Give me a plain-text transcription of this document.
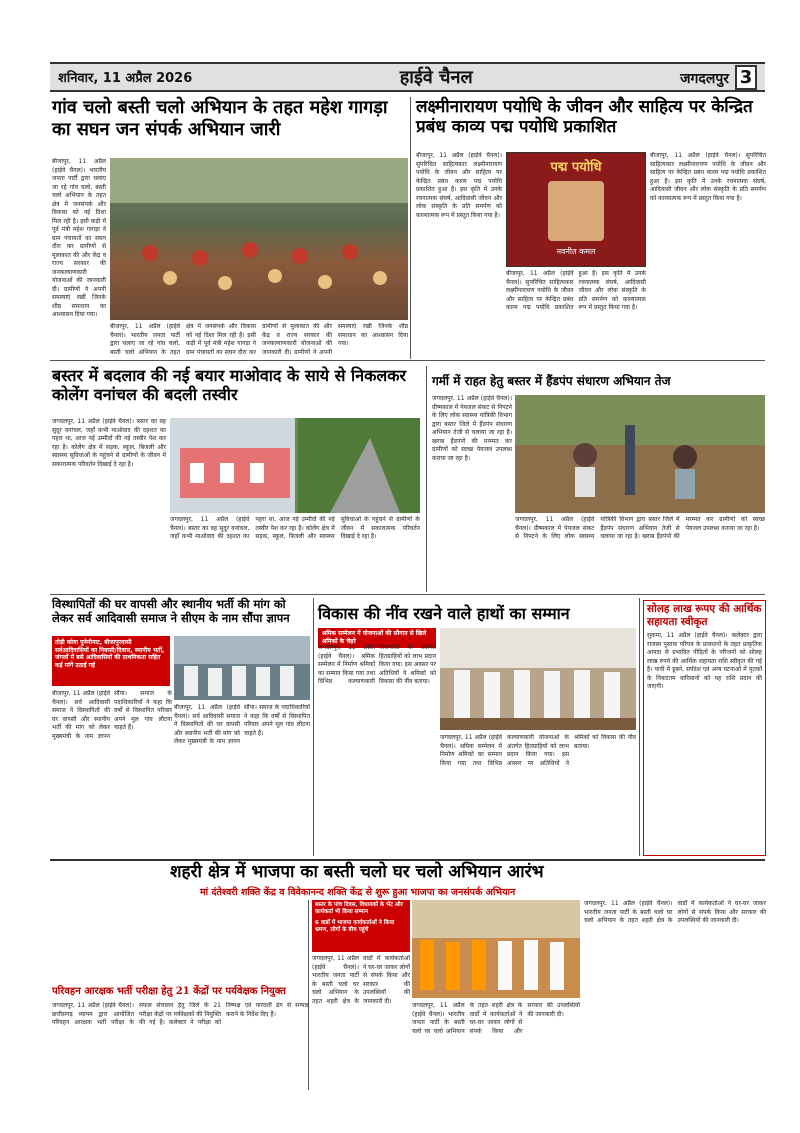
शनिवार, 11 अप्रैल 2026	हाईवे चैनल	जगदलपुर 3
गांव चलो बस्ती चलो अभियान के तहत महेश गागड़ा का सघन जन संपर्क अभियान जारी
बीजापुर, 11 अप्रैल (हाईवे चैनल)। भारतीय जनता पार्टी द्वारा चलाए जा रहे गांव चलो, बस्ती चलो अभियान के तहत क्षेत्र में जनसंपर्क और विकास को नई दिशा मिल रही है। इसी कड़ी में पूर्व मंत्री महेश गागड़ा ने ग्राम पंचायतों का सघन दौरा कर ग्रामीणों से मुलाकात की और केंद्र व राज्य सरकार की जनकल्याणकारी योजनाओं की जानकारी दी। ग्रामीणों ने अपनी समस्याएं रखीं जिनके शीघ्र समाधान का आश्वासन दिया गया।
बीजापुर, 11 अप्रैल (हाईवे चैनल)। भारतीय जनता पार्टी द्वारा चलाए जा रहे गांव चलो, बस्ती चलो अभियान के तहत क्षेत्र में जनसंपर्क और विकास को नई दिशा मिल रही है। इसी कड़ी में पूर्व मंत्री महेश गागड़ा ने ग्राम पंचायतों का सघन दौरा कर ग्रामीणों से मुलाकात की और केंद्र व राज्य सरकार की जनकल्याणकारी योजनाओं की जानकारी दी। ग्रामीणों ने अपनी समस्याएं रखीं जिनके शीघ्र समाधान का आश्वासन दिया गया।
लक्ष्मीनारायण पयोधि के जीवन और साहित्य पर केन्द्रित प्रबंध काव्य पद्म पयोधि प्रकाशित
पद्म पयोधि
नवनीत कमल
बीजापुर, 11 अप्रैल (हाईवे चैनल)। सुपरिचित साहित्यकार लक्ष्मीनारायण पयोधि के जीवन और साहित्य पर केन्द्रित प्रबंध काव्य पद्म पयोधि प्रकाशित हुआ है। इस कृति में उनके रचनात्मक संघर्ष, आदिवासी जीवन और लोक संस्कृति के प्रति समर्पण को काव्यात्मक रूप में प्रस्तुत किया गया है।
बीजापुर, 11 अप्रैल (हाईवे चैनल)। सुपरिचित साहित्यकार लक्ष्मीनारायण पयोधि के जीवन और साहित्य पर केन्द्रित प्रबंध काव्य पद्म पयोधि प्रकाशित हुआ है। इस कृति में उनके रचनात्मक संघर्ष, आदिवासी जीवन और लोक संस्कृति के प्रति समर्पण को काव्यात्मक रूप में प्रस्तुत किया गया है।
बीजापुर, 11 अप्रैल (हाईवे चैनल)। सुपरिचित साहित्यकार लक्ष्मीनारायण पयोधि के जीवन और साहित्य पर केन्द्रित प्रबंध काव्य पद्म पयोधि प्रकाशित हुआ है। इस कृति में उनके रचनात्मक संघर्ष, आदिवासी जीवन और लोक संस्कृति के प्रति समर्पण को काव्यात्मक रूप में प्रस्तुत किया गया है।
बस्तर में बदलाव की नई बयार माओवाद के साये से निकलकर कोलेंग वनांचल की बदली तस्वीर
जगदलपुर, 11 अप्रैल (हाईवे चैनल)। बस्तर का वह सुदूर वनांचल, जहाँ कभी माओवाद की दहशत का पहरा था, आज नई उम्मीदों की नई तस्वीर पेश कर रहा है। कोलेंग क्षेत्र में सड़क, स्कूल, बिजली और स्वास्थ्य सुविधाओं के पहुंचने से ग्रामीणों के जीवन में सकारात्मक परिवर्तन दिखाई दे रहा है।
जगदलपुर, 11 अप्रैल (हाईवे चैनल)। बस्तर का वह सुदूर वनांचल, जहाँ कभी माओवाद की दहशत का पहरा था, आज नई उम्मीदों की नई तस्वीर पेश कर रहा है। कोलेंग क्षेत्र में सड़क, स्कूल, बिजली और स्वास्थ्य सुविधाओं के पहुंचने से ग्रामीणों के जीवन में सकारात्मक परिवर्तन दिखाई दे रहा है।
गर्मी में राहत हेतु बस्तर में हैंडपंप संधारण अभियान तेज
जगदलपुर, 11 अप्रैल (हाईवे चैनल)। ग्रीष्मकाल में पेयजल संकट से निपटने के लिए लोक स्वास्थ्य यांत्रिकी विभाग द्वारा बस्तर जिले में हैंडपंप संधारण अभियान तेजी से चलाया जा रहा है। खराब हैंडपंपों की मरम्मत कर ग्रामीणों को स्वच्छ पेयजल उपलब्ध कराया जा रहा है।
जगदलपुर, 11 अप्रैल (हाईवे चैनल)। ग्रीष्मकाल में पेयजल संकट से निपटने के लिए लोक स्वास्थ्य यांत्रिकी विभाग द्वारा बस्तर जिले में हैंडपंप संधारण अभियान तेजी से चलाया जा रहा है। खराब हैंडपंपों की मरम्मत कर ग्रामीणों को स्वच्छ पेयजल उपलब्ध कराया जा रहा है।
विस्थापितों की घर वापसी और स्थानीय भर्ती की मांग को लेकर सर्व आदिवासी समाज ने सीएम के नाम सौंपा ज्ञापन
तोड़ी कोया पुनेमीनाट, बीजापुरवासी सर्वआदिवासियों का निवासी/दिवास, स्थानीय भर्ती, जंगलों में बसे आदिवासियों की प्राथमिकता सहित कई मांगें उठाई गई
बीजापुर, 11 अप्रैल (हाईवे चैनल)। सर्व आदिवासी समाज ने विस्थापितों की घर वापसी और स्थानीय भर्ती की मांग को लेकर मुख्यमंत्री के नाम ज्ञापन सौंपा। समाज के पदाधिकारियों ने कहा कि वर्षों से विस्थापित परिवार अपने मूल गांव लौटना चाहते हैं।
बीजापुर, 11 अप्रैल (हाईवे चैनल)। सर्व आदिवासी समाज ने विस्थापितों की घर वापसी और स्थानीय भर्ती की मांग को लेकर मुख्यमंत्री के नाम ज्ञापन सौंपा। समाज के पदाधिकारियों ने कहा कि वर्षों से विस्थापित परिवार अपने मूल गांव लौटना चाहते हैं।
विकास की नींव रखने वाले हाथों का सम्मान
श्रमिक सम्मेलन में योजनाओं की सौगात से खिले श्रमिकों के चेहरे
जगदलपुर, 11 अप्रैल (हाईवे चैनल)। श्रमिक सम्मेलन में निर्माण श्रमिकों का सम्मान किया गया तथा विभिन्न कल्याणकारी योजनाओं के अंतर्गत हितग्राहियों को लाभ प्रदान किया गया। इस अवसर पर अतिथियों ने श्रमिकों को विकास की नींव बताया।
जगदलपुर, 11 अप्रैल (हाईवे चैनल)। श्रमिक सम्मेलन में निर्माण श्रमिकों का सम्मान किया गया तथा विभिन्न कल्याणकारी योजनाओं के अंतर्गत हितग्राहियों को लाभ प्रदान किया गया। इस अवसर पर अतिथियों ने श्रमिकों को विकास की नींव बताया।
सोलह लाख रूपए की आर्थिक सहायता स्वीकृत
सुकमा, 11 अप्रैल (हाईवे चैनल)। कलेक्टर द्वारा राजस्व पुस्तक परिपत्र के प्रावधानों के तहत प्राकृतिक आपदा से प्रभावित पीड़ितों के परिजनों को सोलह लाख रुपये की आर्थिक सहायता राशि स्वीकृत की गई है। पानी में डूबने, सर्पदंश एवं अन्य घटनाओं में मृतकों के निकटतम वारिसानों को यह राशि प्रदान की जाएगी।
शहरी क्षेत्र में भाजपा का बस्ती चलो घर चलो अभियान आरंभ
मां दंतेश्वरी शक्ति केंद्र व विवेकानन्द शक्ति केंद्र से शुरू हुआ भाजपा का जनसंपर्क अभियान
बस्तर के पांच दिवस, विधायकों के भेंट और कार्यकर्ता भी किया सम्मान
6 वार्डों में भाजपा कार्यकर्ताओं ने किया भ्रमण, लोगों के बीच पहुंचे
जगदलपुर, 11 अप्रैल (हाईवे चैनल)। भारतीय जनता पार्टी के बस्ती चलो घर चलो अभियान के तहत शहरी क्षेत्र के वार्डों में कार्यकर्ताओं ने घर-घर जाकर लोगों से संपर्क किया और सरकार की उपलब्धियों की जानकारी दी।
जगदलपुर, 11 अप्रैल (हाईवे चैनल)। भारतीय जनता पार्टी के बस्ती चलो घर चलो अभियान के तहत शहरी क्षेत्र के वार्डों में कार्यकर्ताओं ने घर-घर जाकर लोगों से संपर्क किया और सरकार की उपलब्धियों की जानकारी दी।
जगदलपुर, 11 अप्रैल (हाईवे चैनल)। भारतीय जनता पार्टी के बस्ती चलो घर चलो अभियान के तहत शहरी क्षेत्र के वार्डों में कार्यकर्ताओं ने घर-घर जाकर लोगों से संपर्क किया और सरकार की उपलब्धियों की जानकारी दी।
परिवहन आरक्षक भर्ती परीक्षा हेतु 21 केंद्रों पर पर्यवेक्षक नियुक्त
जगदलपुर, 11 अप्रैल (हाईवे चैनल)। छत्तीसगढ़ व्यापम द्वारा आयोजित परिवहन आरक्षक भर्ती परीक्षा के सफल संचालन हेतु जिले के 21 परीक्षा केंद्रों पर पर्यवेक्षकों की नियुक्ति की गई है। कलेक्टर ने परीक्षा को निष्पक्ष एवं पारदर्शी ढंग से सम्पन्न कराने के निर्देश दिए हैं।
